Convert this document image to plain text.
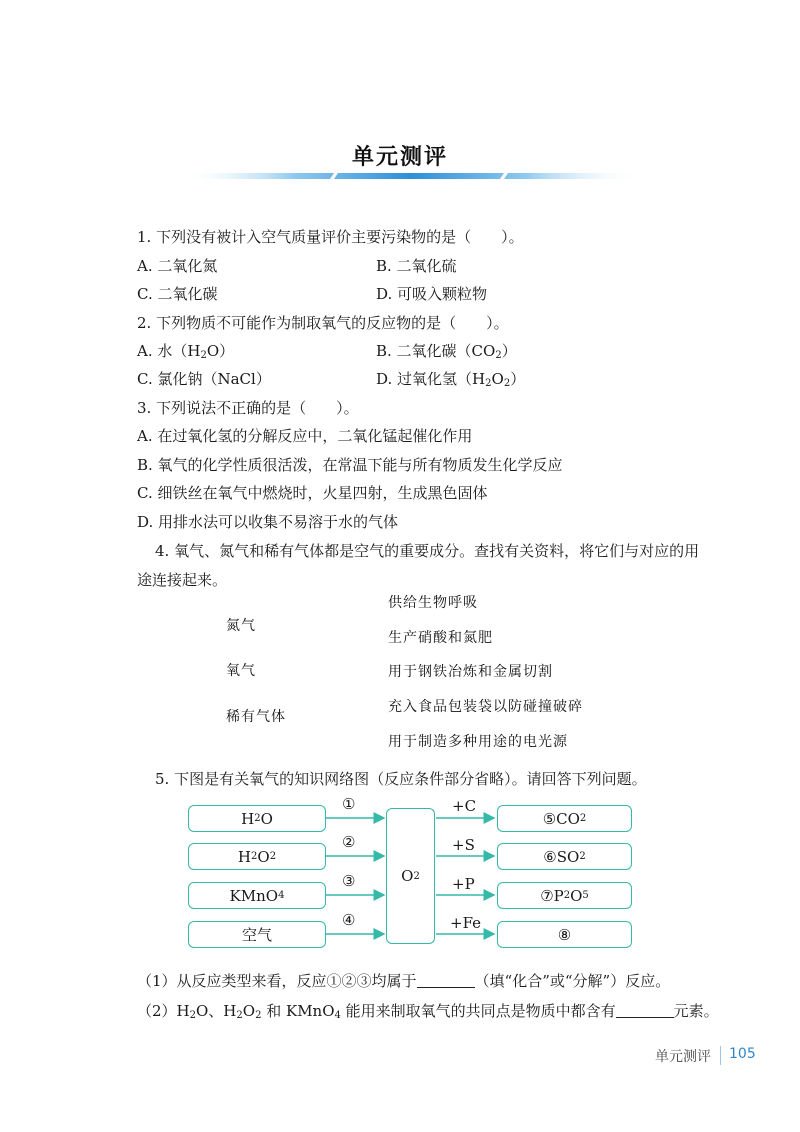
单元测评
1. 下列没有被计入空气质量评价主要污染物的是（　　）。
A. 二氧化氮	B. 二氧化硫
C. 二氧化碳	D. 可吸入颗粒物
2. 下列物质不可能作为制取氧气的反应物的是（　　）。
A. 水$(H_2O)$	B. 二氧化碳$(CO_2)$
C. 氯化钠（NaCl）	D. 过氧化氢$(H_2O_2)$
3. 下列说法不正确的是（　　）。
A. 在过氧化氢的分解反应中，二氧化锰起催化作用
B. 氧气的化学性质很活泼，在常温下能与所有物质发生化学反应
C. 细铁丝在氧气中燃烧时，火星四射，生成黑色固体
D. 用排水法可以收集不易溶于水的气体
4. 氧气、氮气和稀有气体都是空气的重要成分。查找有关资料，将它们与对应的用
途连接起来。
氮气
氧气
稀有气体
供给生物呼吸
生产硝酸和氮肥
用于钢铁冶炼和金属切割
充入食品包装袋以防碰撞破碎
用于制造多种用途的电光源
5. 下图是有关氧气的知识网络图（反应条件部分省略）。请回答下列问题。
H 2 O
H 2 O 2
KMnO 4
空气
①
②
③
④
O 2
+C
+S
+P
+Fe
⑤ CO 2
⑥ SO 2
⑦ P 2 O 5
⑧
（1）从反应类型来看，反应①②③均属于	（填“化合”或“分解”）反应。
$(2)H_2O$、$H_2O_2$ 和 KMnO$_4$ 能用来制取氧气的共同点是物质中都含有	元素。
单元测评 105
